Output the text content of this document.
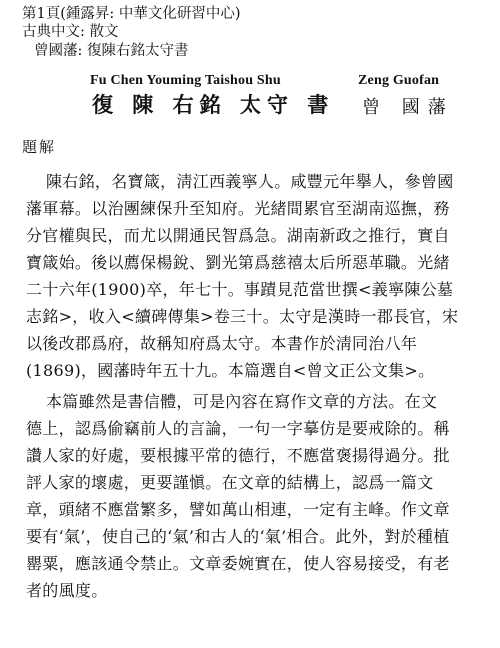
第1頁(鍾露昇: 中華文化研習中心)
古典中文: 散文
曾國藩: 復陳右銘太守書
Fu Chen Youming Taishou Shu	Zeng Guofan
復 陳 右銘 太守 書 曾 國藩
題解
陳右銘，名寶箴，淸江西義寧人。咸豐元年擧人，參曾國
藩軍幕。以治團練保升至知府。光緒間累官至湖南巡撫，務
分官權與民，而尤以開通民智爲急。湖南新政之推行，實自
寶箴始。後以薦保楊銳、劉光第爲慈禧太后所惡革職。光緒
二十六年(1900)卒，年七十。事蹟見范當世撰<義寧陳公墓
志銘>，收入<續碑傳集>卷三十。太守是漢時一郡長官，宋
以後改郡爲府，故稱知府爲太守。本書作於淸同治八年
(1869)，國藩時年五十九。本篇選自<曾文正公文集>。
本篇雖然是書信體，可是內容在寫作文章的方法。在文
德上，認爲偷竊前人的言論，一句一字摹仿是要戒除的。稱
讚人家的好處，要根據平常的德行，不應當褒揚得過分。批
評人家的壞處，更要謹愼。在文章的結構上，認爲一篇文
章，頭緒不應當繁多，譬如萬山相連，一定有主峰。作文章
要有‘氣’，使自己的‘氣’和古人的‘氣’相合。此外，對於種植
罌粟，應該通令禁止。文章委婉實在，使人容易接受，有老
者的風度。
